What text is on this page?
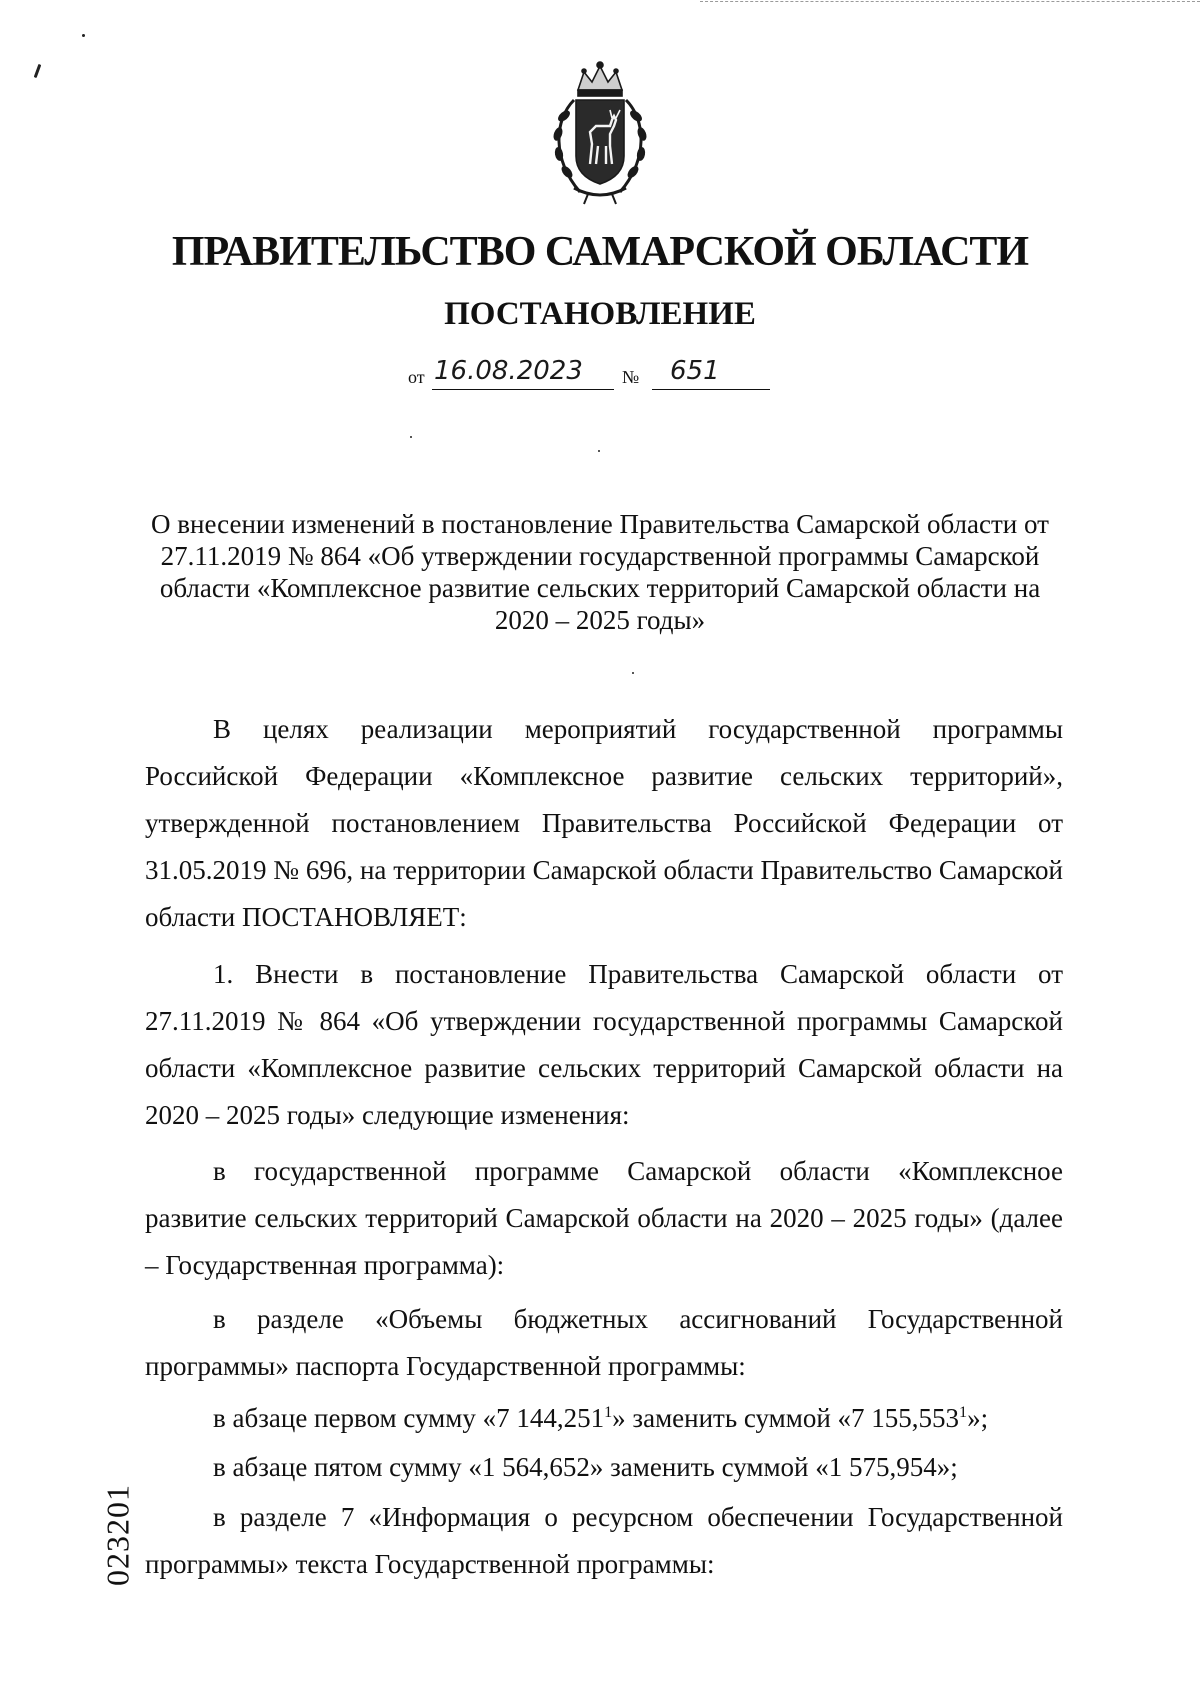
ПРАВИТЕЛЬСТВО САМАРСКОЙ ОБЛАСТИ
ПОСТАНОВЛЕНИЕ
от 16.08.2023 № 651

О внесении изменений в постановление Правительства Самарской области от 27.11.2019 № 864 «Об утверждении государственной программы Самарской области «Комплексное развитие сельских территорий Самарской области на 2020 – 2025 годы»

В целях реализации мероприятий государственной программы Российской Федерации «Комплексное развитие сельских территорий», утвержденной постановлением Правительства Российской Федерации от 31.05.2019 № 696, на территории Самарской области Правительство Самарской области ПОСТАНОВЛЯЕТ:

1. Внести в постановление Правительства Самарской области от 27.11.2019 № 864 «Об утверждении государственной программы Самарской области «Комплексное развитие сельских территорий Самарской области на 2020 – 2025 годы» следующие изменения:

в государственной программе Самарской области «Комплексное развитие сельских территорий Самарской области на 2020 – 2025 годы» (далее – Государственная программа):

в разделе «Объемы бюджетных ассигнований Государственной программы» паспорта Государственной программы:

в абзаце первом сумму «7 144,251$^1$» заменить суммой «7 155,553$^1$»;

в абзаце пятом сумму «1 564,652» заменить суммой «1 575,954»;

в разделе 7 «Информация о ресурсном обеспечении Государственной программы» текста Государственной программы:

023201
